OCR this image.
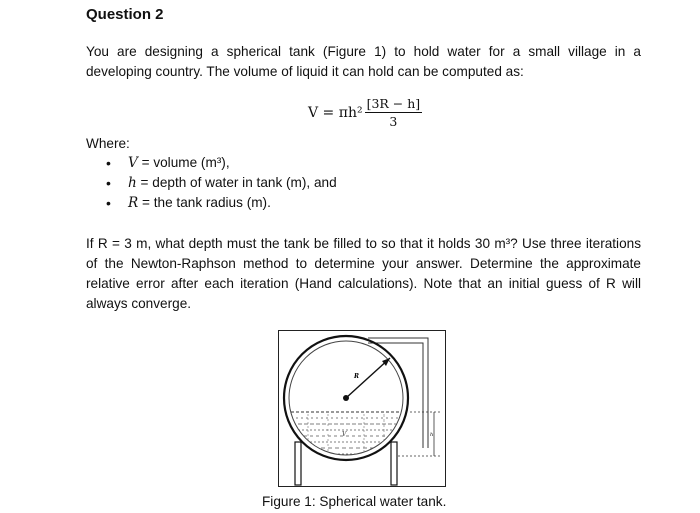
Question 2
You are designing a spherical tank (Figure 1) to hold water for a small village in a developing country. The volume of liquid it can hold can be computed as:
$V = \pi h^2 \frac{[3R - h]}{3}$
Where:
• V = volume (m³),
• h = depth of water in tank (m), and
• R = the tank radius (m).
If R = 3 m, what depth must the tank be filled to so that it holds 30 m³? Use three iterations of the Newton-Raphson method to determine your answer. Determine the approximate relative error after each iteration (Hand calculations). Note that an initial guess of R will always converge.
R
V	h
Figure 1: Spherical water tank.
